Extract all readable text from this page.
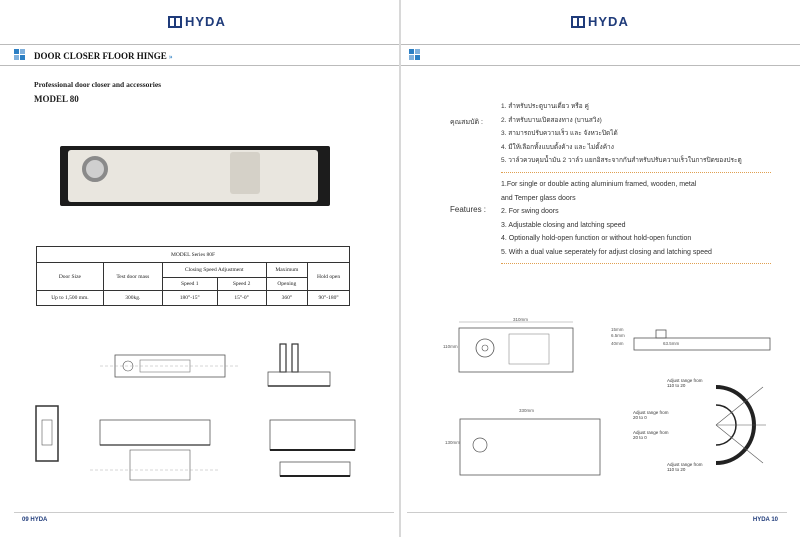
HYDA
DOOR CLOSER FLOOR HINGE »
Professional door closer and accessories
MODEL 80
MODEL Series 80F					
Door Size	Test door mass	Closing Speed Adjustment		Maximum	Hold open
		Speed 1	Speed 2	Opening	
Up to 1,500 mm.	300kg.	180°-15°	15°-0°	360°	90°-180°
09 HYDA
HYDA
คุณสมบัติ :
1. สำหรับประตูบานเดี่ยว หรือ คู่
2. สำหรับบานเปิดสองทาง (บานสวิง)
3. สามารถปรับความเร็ว และ จังหวะปิดได้
4. มีให้เลือกทั้งแบบตั้งค้าง และ ไม่ตั้งค้าง
5. วาล์วควบคุมน้ำมัน 2 วาล์ว แยกอิสระจากกันสำหรับปรับความเร็วในการปิดของประตู
Features :
1.For single or double acting aluminium framed, wooden, metal
and Temper glass doors
2. For swing doors
3. Adjustable closing and latching speed
4. Optionally hold-open function or without hold-open function
5. With a dual value seperately for adjust closing and latching speed
310mm
110mm
15mm
6.5mm
40mm	63.5mm
330mm
130mm
Adjust range from 110 to 20
Adjust range from 20 to 0
Adjust range from 20 to 0
Adjust range from 110 to 20
HYDA 10
